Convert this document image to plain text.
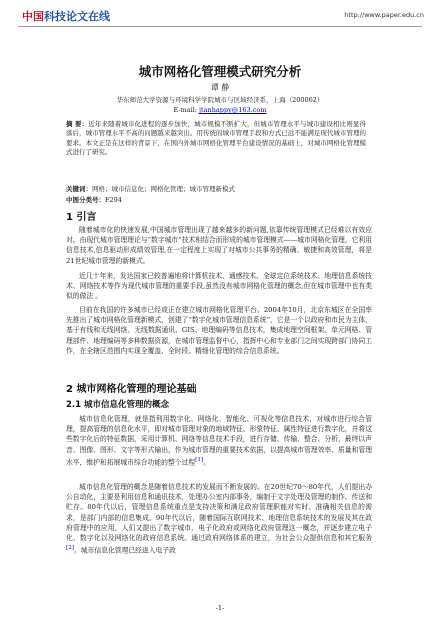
中国科技论文在线	http://www.paper.edu.cn
城市网格化管理模式研究分析
谭 静
华东师范大学资源与环境科学学院城市与区域经济系，上海（200062）
E-mail: jtanhappy@163.com
摘 要：近年来随着城市化进程的逐步加快，城市规模不断扩大，但城市管理水平与城市建设相比则显得落后，城市管理水平不高的问题越来越突出。用传统的城市管理手段和方式已远不能满足现代城市管理的要求。本文正是在这样的背景下，在国内外城市网格化管理平台建设情况的基础上，对城市网格化管理模式进行了研究。
关键词：网格；城市信息化；网格化管理；城市管理新模式
中图分类号：F294
1 引言
随着城市化的快速发展,中国城市管理出现了越来越多的新问题,依靠传统管理模式已经难以有效应对。由现代城市管理理论与“数字城市”技术相结合而形成的城市管理模式——城市网格化管理，它利用信息技术,信息驱动形成绩效管理,在一定程度上实现了对城市公共事务的精确、敏捷和高效管理，将是21世纪城市管理的新模式。
近几十年来，发达国家已较普遍地将计算机技术、通感技术、全球定位系统技术、地理信息系统技术、网络技术等作为现代城市管理的重要手段,虽然没有城市网格化管理的概念,但在城市管理中也有类似的做法 。
目前在我国的许多城市已经或正在建立城市网格化管理平台。2004年10月，北京东城区在全国率先推出了城市网格化管理新模式，创建了“数字化城市管理信息系统”，它是一个以政府和市民为主体，基于有线和无线网络、无线数据通讯、GIS、地理编码等信息技术，集成地理空间框架、单元网格、管理部件、地理编码等多种数据资源，在城市管理监督中心，指挥中心和专业部门之间实现跨部门协同工作，在全辖区范围内实现全覆盖、全时段、精细化管理的综合信息系统。
2 城市网格化管理的理论基础
2.1 城市信息化管理的概念
城市信息化管理，就是指利用数字化、网络化、智能化、可视化等信息技术，对城市进行综合管理，提高管理的信息化水平，即对城市管理对象的地域特征、形象特征、属性特征进行数字化，并将这些数字化后的特征数据，采用计算机、网络等信息技术手段，进行存储、传输、整合、分析，最终以声音、图像、图形、文字等形式输出，作为城市管理的重要技术依据，以提高城市管理效率、质量和管理水平，维护和拓展城市综合功能的整个过程[1]。
城市信息化管理的概念是随着信息技术的发展而不断发展的。在20世纪70～80年代，人们提出办公自动化，主要是利用信息和通讯技术，处理办公室内部事务，编制于文字处理及管理的制作、传送和贮存。80年代以后，管理信息系统重点是支持决策和满足政府管理职能对实时、准确相关信息的需求，是部门内部的信息集成。90年代以后，随着国际互联网技术、地理信息系统技术的发展及其在政府管理中的应用，人们又提出了数字城市、电子化政府或网络化政府管理这一概念，并逐步建立电子化、数字化以及网络化的政府信息系统。通过政府网络体系的建立，为社会公众提供信息和其它服务[2]。城市信息化管理已经进入电子政
-1-
